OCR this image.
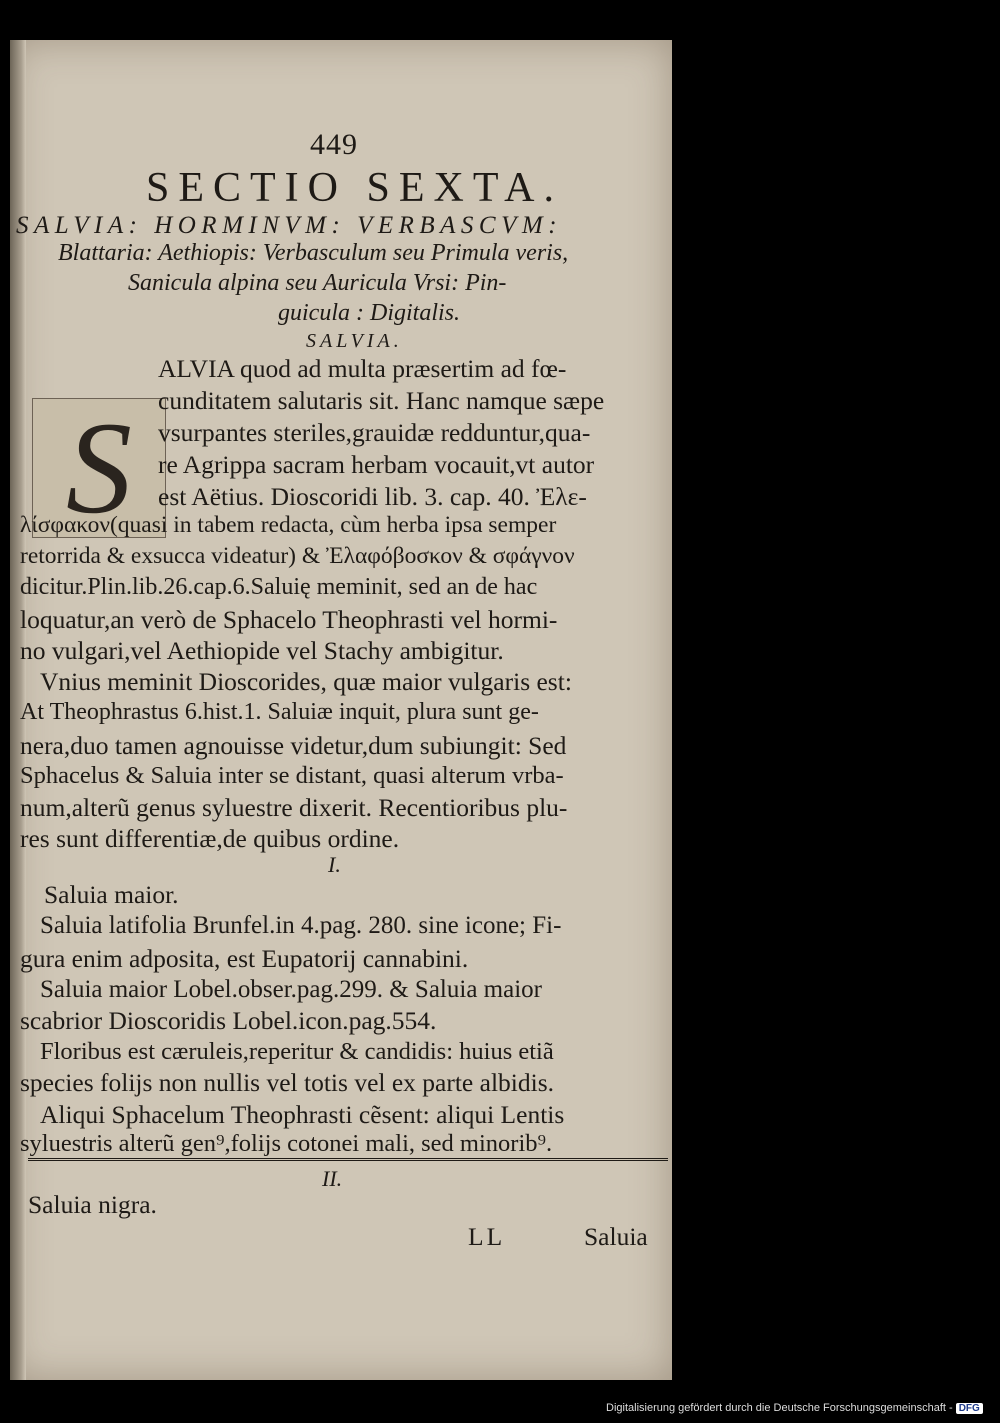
449
SECTIO SEXTA.
SALVIA: HORMINVM: VERBASCVM:
Blattaria: Aethiopis: Verbasculum seu Primula veris,
Sanicula alpina seu Auricula Vrsi: Pin-
guicula : Digitalis.
SALVIA.
S
ALVIA quod ad multa præsertim ad fœ-
cunditatem salutaris sit. Hanc namque sæpe
vsurpantes steriles,grauidæ redduntur,qua-
re Agrippa sacram herbam vocauit,vt autor
est Aëtius. Dioscoridi lib. 3. cap. 40. Ἐλε-
λίσφακον(quasi in tabem redacta, cùm herba ipsa semper
retorrida & exsucca videatur) & Ἐλαφόβοσκον & σφάγνον
dicitur.Plin.lib.26.cap.6.Saluię meminit, sed an de hac
loquatur,an verò de Sphacelo Theophrasti vel hormi-
no vulgari,vel Aethiopide vel Stachy ambigitur.
Vnius meminit Dioscorides, quæ maior vulgaris est:
At Theophrastus 6.hist.1. Saluiæ inquit, plura sunt ge-
nera,duo tamen agnouisse videtur,dum subiungit: Sed
Sphacelus & Saluia inter se distant, quasi alterum vrba-
num,alterũ genus syluestre dixerit. Recentioribus plu-
res sunt differentiæ,de quibus ordine.
I.
Saluia maior.
Saluia latifolia Brunfel.in 4.pag. 280. sine icone; Fi-
gura enim adposita, est Eupatorij cannabini.
Saluia maior Lobel.obser.pag.299. & Saluia maior
scabrior Dioscoridis Lobel.icon.pag.554.
Floribus est cæruleis,reperitur & candidis: huius etiã
species folijs non nullis vel totis vel ex parte albidis.
Aliqui Sphacelum Theophrasti cẽsent: aliqui Lentis
syluestris alterũ gen⁹,folijs cotonei mali, sed minorib⁹.
II.
Saluia nigra.
LL	Saluia
Digitalisierung gefördert durch die Deutsche Forschungsgemeinschaft - DFG
